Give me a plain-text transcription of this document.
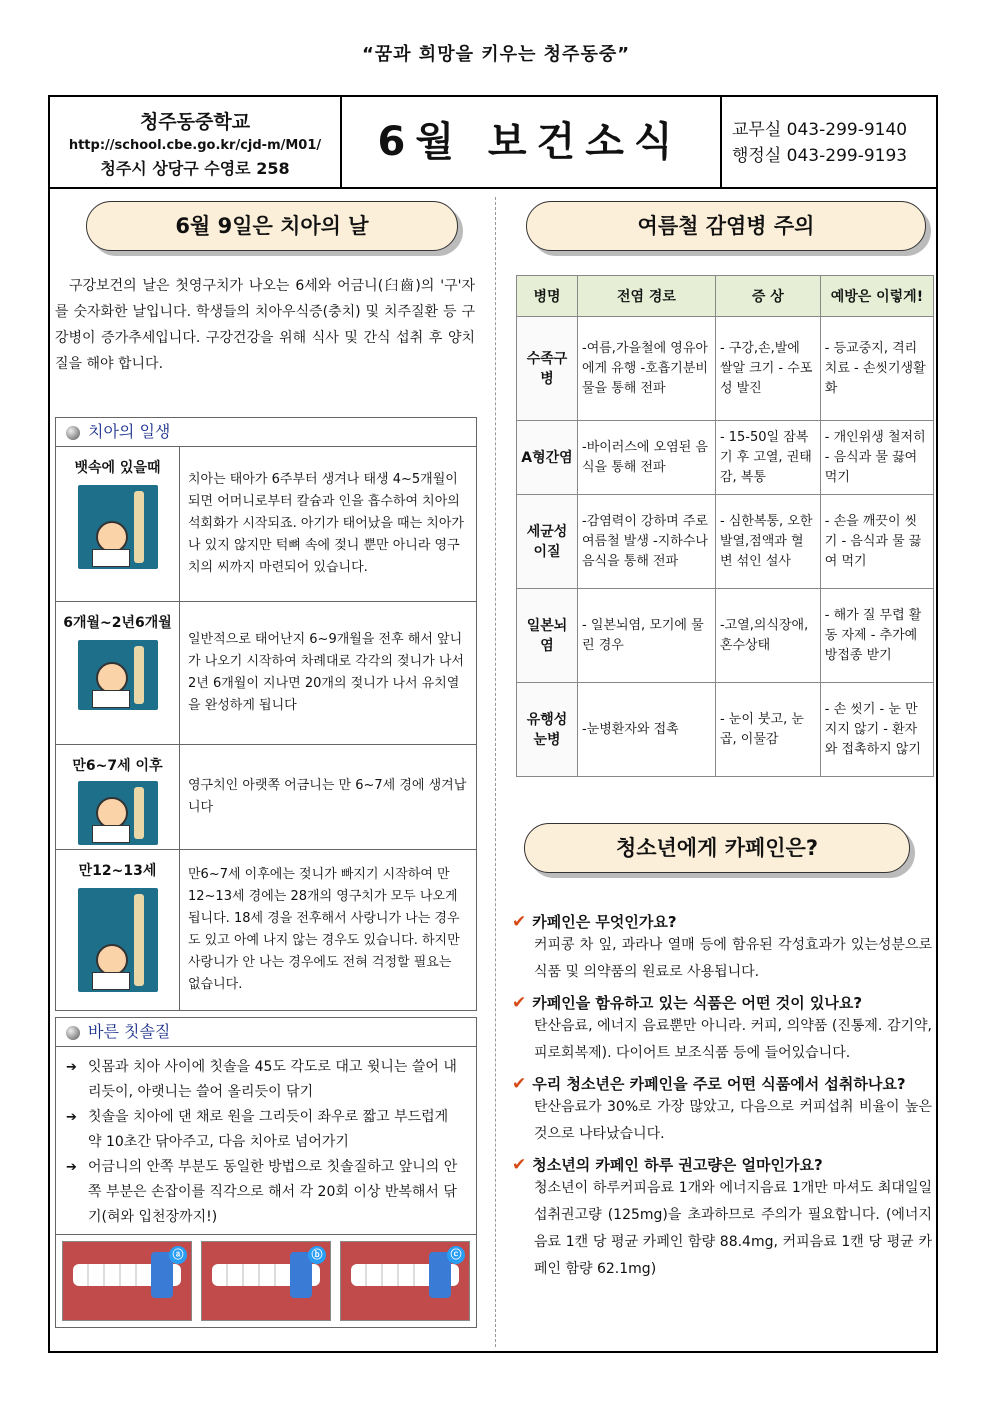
“꿈과 희망을 키우는 청주동중”
청주동중학교
http://school.cbe.go.kr/cjd-m/M01/
청주시 상당구 수영로 258
6월 보건소식	교무실 043-299-9140
행정실 043-299-9193
6월 9일은 치아의 날
구강보건의 날은 첫영구치가 나오는 6세와 어금니(臼齒)의 '구'자를 숫자화한 날입니다. 학생들의 치아우식증(충치) 및 치주질환 등 구강병이 증가추세입니다. 구강건강을 위해 식사 및 간식 섭취 후 양치질을 해야 합니다.
치아의 일생
뱃속에 있을때
치아는 태아가 6주부터 생겨나 태생 4~5개월이 되면 어머니로부터 칼슘과 인을 흡수하여 치아의 석회화가 시작되죠. 아기가 태어났을 때는 치아가 나 있지 않지만 턱뼈 속에 젖니 뿐만 아니라 영구치의 씨까지 마련되어 있습니다.
6개월~2년6개월
일반적으로 태어난지 6~9개월을 전후 해서 앞니가 나오기 시작하여 차례대로 각각의 젖니가 나서 2년 6개월이 지나면 20개의 젖니가 나서 유치열을 완성하게 됩니다
만6~7세 이후
영구치인 아랫쪽 어금니는 만 6~7세 경에 생겨납니다
만12~13세	만6~7세 이후에는 젖니가 빠지기 시작하여 만12~13세 경에는 28개의 영구치가 모두 나오게 됩니다. 18세 경을 전후해서 사랑니가 나는 경우도 있고 아예 나지 않는 경우도 있습니다. 하지만 사랑니가 안 나는 경우에도 전혀 걱정할 필요는 없습니다.
바른 칫솔질
➔ 잇몸과 치아 사이에 칫솔을 45도 각도로 대고 윗니는 쓸어 내리듯이, 아랫니는 쓸어 올리듯이 닦기
➔ 칫솔을 치아에 댄 채로 원을 그리듯이 좌우로 짧고 부드럽게 약 10초간 닦아주고, 다음 치아로 넘어가기
➔ 어금니의 안쪽 부분도 동일한 방법으로 칫솔질하고 앞니의 안쪽 부분은 손잡이를 직각으로 해서 각 20회 이상 반복해서 닦기(혀와 입천장까지!)
ⓐ	ⓑ	ⓒ
여름철 감염병 주의
병명	전염 경로	증 상	예방은 이렇게!
수족구병	-여름,가을철에 영유아에게 유행 -호흡기분비물을 통해 전파	- 구강,손,발에 쌀알 크기 - 수포성 발진	- 등교중지, 격리치료 - 손씻기생활화
A형간염	-바이러스에 오염된 음식을 통해 전파	- 15-50일 잠복기 후 고열, 권태감, 복통	- 개인위생 철저히 - 음식과 물 끓여 먹기
세균성이질	-감염력이 강하며 주로 여름철 발생 -지하수나 음식을 통해 전파	- 심한복통, 오한발열,점액과 혈변 섞인 설사	- 손을 깨끗이 씻기 - 음식과 물 끓여 먹기
일본뇌염	- 일본뇌염, 모기에 물린 경우	-고열,의식장애, 혼수상태	- 해가 질 무렵 활동 자제 - 추가예방접종 받기
유행성눈병	-눈병환자와 접촉	- 눈이 붓고, 눈곱, 이물감	- 손 씻기 - 눈 만지지 않기 - 환자와 접촉하지 않기
청소년에게 카페인은?
✔ 카페인은 무엇인가요?
커피콩 차 잎, 과라나 열매 등에 함유된 각성효과가 있는성분으로 식품 및 의약품의 원료로 사용됩니다.
✔ 카페인을 함유하고 있는 식품은 어떤 것이 있나요?
탄산음료, 에너지 음료뿐만 아니라. 커피, 의약품 (진통제. 감기약, 피로회복제). 다이어트 보조식품 등에 들어있습니다.
✔ 우리 청소년은 카페인을 주로 어떤 식품에서 섭취하나요?
탄산음료가 30%로 가장 많았고, 다음으로 커피섭취 비율이 높은 것으로 나타났습니다.
✔ 청소년의 카페인 하루 권고량은 얼마인가요?
청소년이 하루커피음료 1개와 에너지음료 1개만 마셔도 최대일일섭취권고량 (125mg)을 초과하므로 주의가 필요합니다. (에너지 음료 1캔 당 평균 카페인 함량 88.4mg, 커피음료 1캔 당 평균 카페인 함량 62.1mg)
